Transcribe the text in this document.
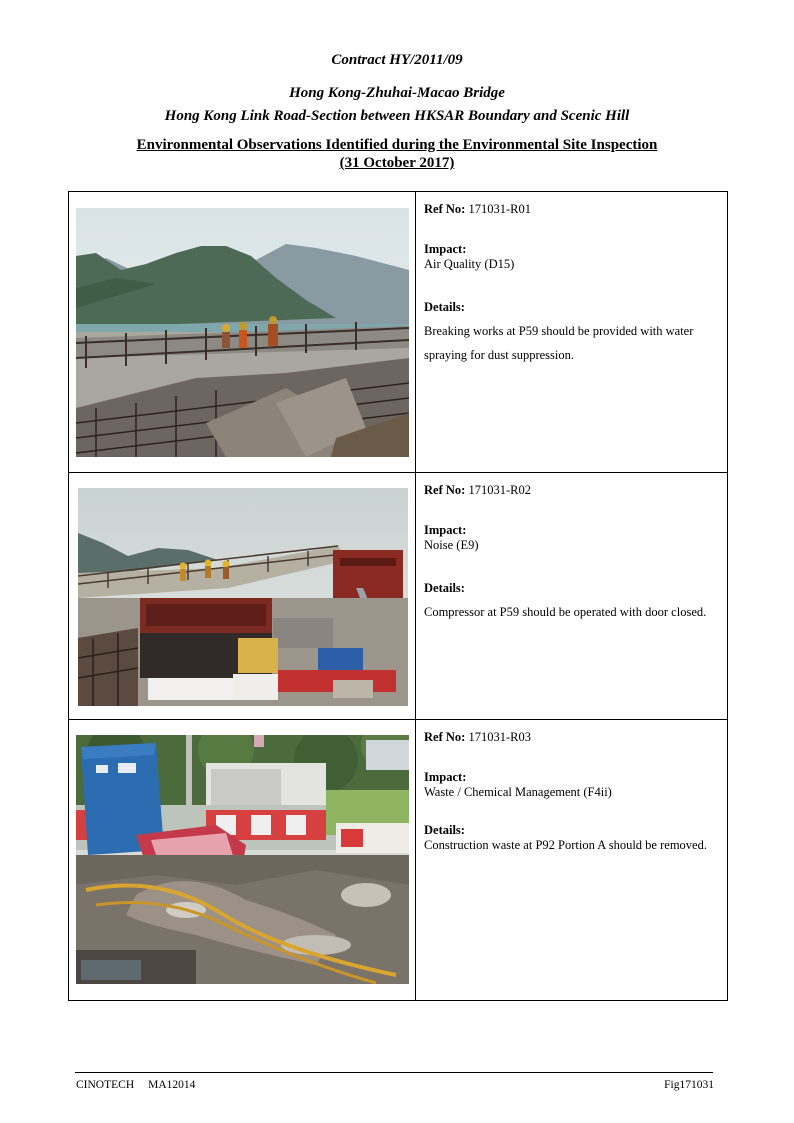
Contract HY/2011/09
Hong Kong-Zhuhai-Macao Bridge
Hong Kong Link Road-Section between HKSAR Boundary and Scenic Hill
Environmental Observations Identified during the Environmental Site Inspection
(31 October 2017)
Ref No: 171031-R01
Impact:
Air Quality (D15)
Details:
Breaking works at P59 should be provided with water spraying for dust suppression.
Ref No: 171031-R02
Impact:
Noise (E9)
Details:
Compressor at P59 should be operated with door closed.
Ref No: 171031-R03
Impact:
Waste / Chemical Management (F4ii)
Details:
Construction waste at P92 Portion A should be removed.
CINOTECH MA12014	Fig171031
